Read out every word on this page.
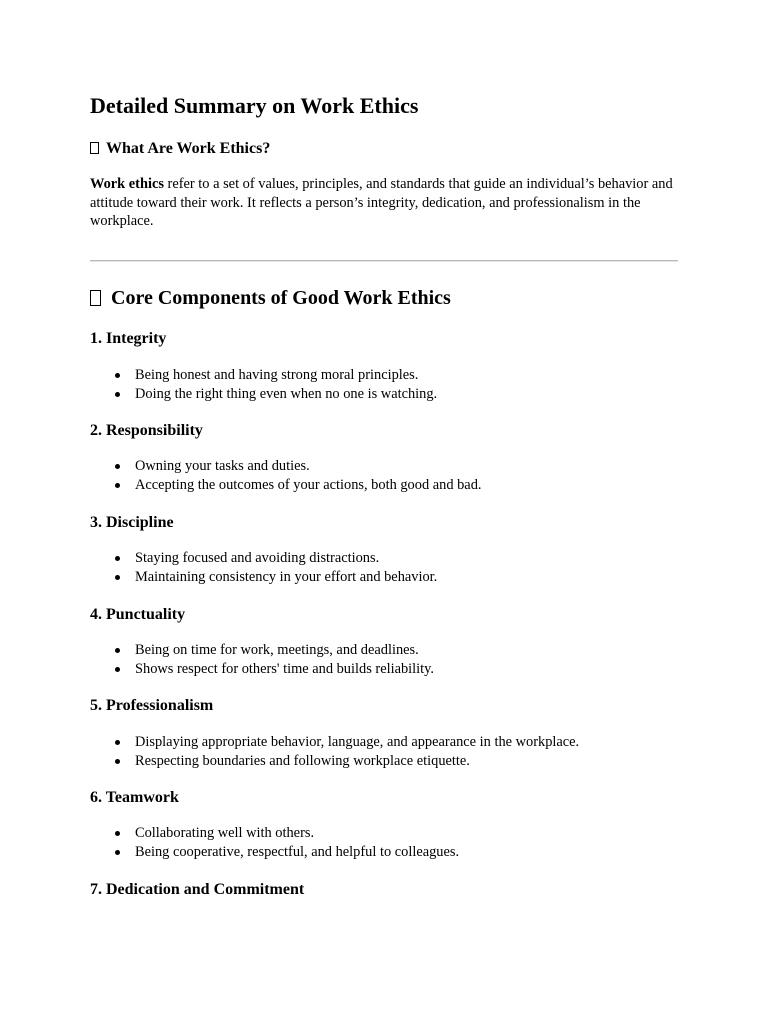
Detailed Summary on Work Ethics
What Are Work Ethics?

Work ethics refer to a set of values, principles, and standards that guide an individual’s behavior and attitude toward their work. It reflects a person’s integrity, dedication, and professionalism in the workplace.

Core Components of Good Work Ethics
1. Integrity
Being honest and having strong moral principles.
Doing the right thing even when no one is watching.
2. Responsibility
Owning your tasks and duties.
Accepting the outcomes of your actions, both good and bad.
3. Discipline
Staying focused and avoiding distractions.
Maintaining consistency in your effort and behavior.
4. Punctuality
Being on time for work, meetings, and deadlines.
Shows respect for others' time and builds reliability.
5. Professionalism
Displaying appropriate behavior, language, and appearance in the workplace.
Respecting boundaries and following workplace etiquette.
6. Teamwork
Collaborating well with others.
Being cooperative, respectful, and helpful to colleagues.
7. Dedication and Commitment
